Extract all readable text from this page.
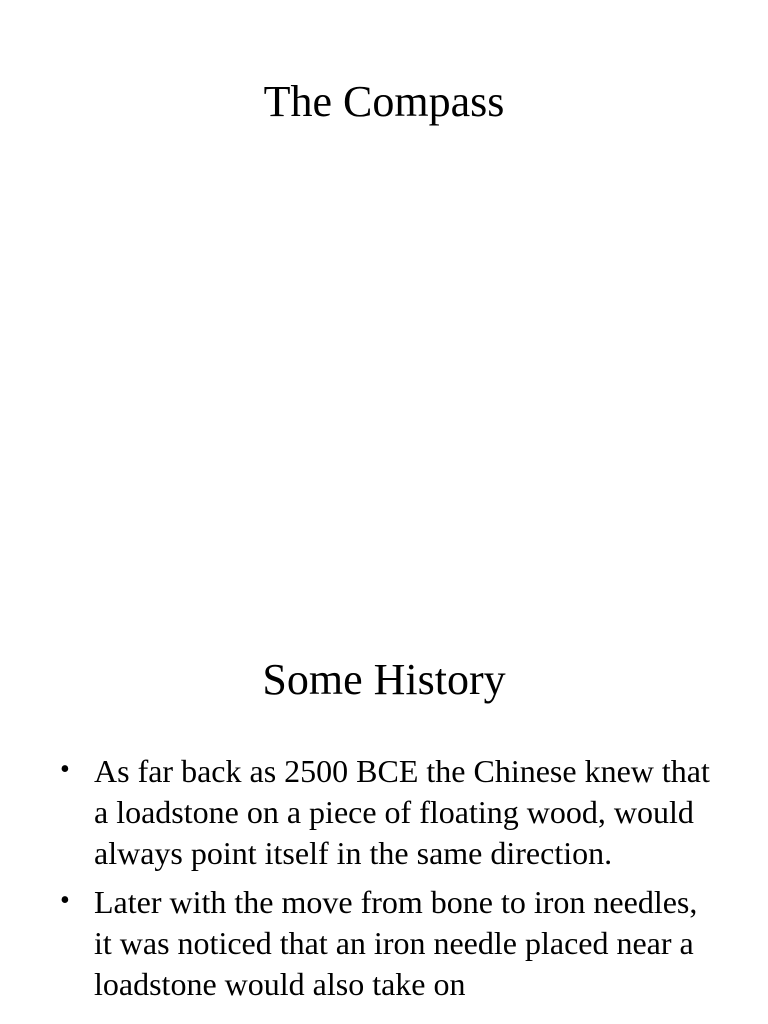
The Compass
Some History
• As far back as 2500 BCE the Chinese knew that a loadstone on a piece of floating wood, would always point itself in the same direction.
• Later with the move from bone to iron needles, it was noticed that an iron needle placed near a loadstone would also take on
